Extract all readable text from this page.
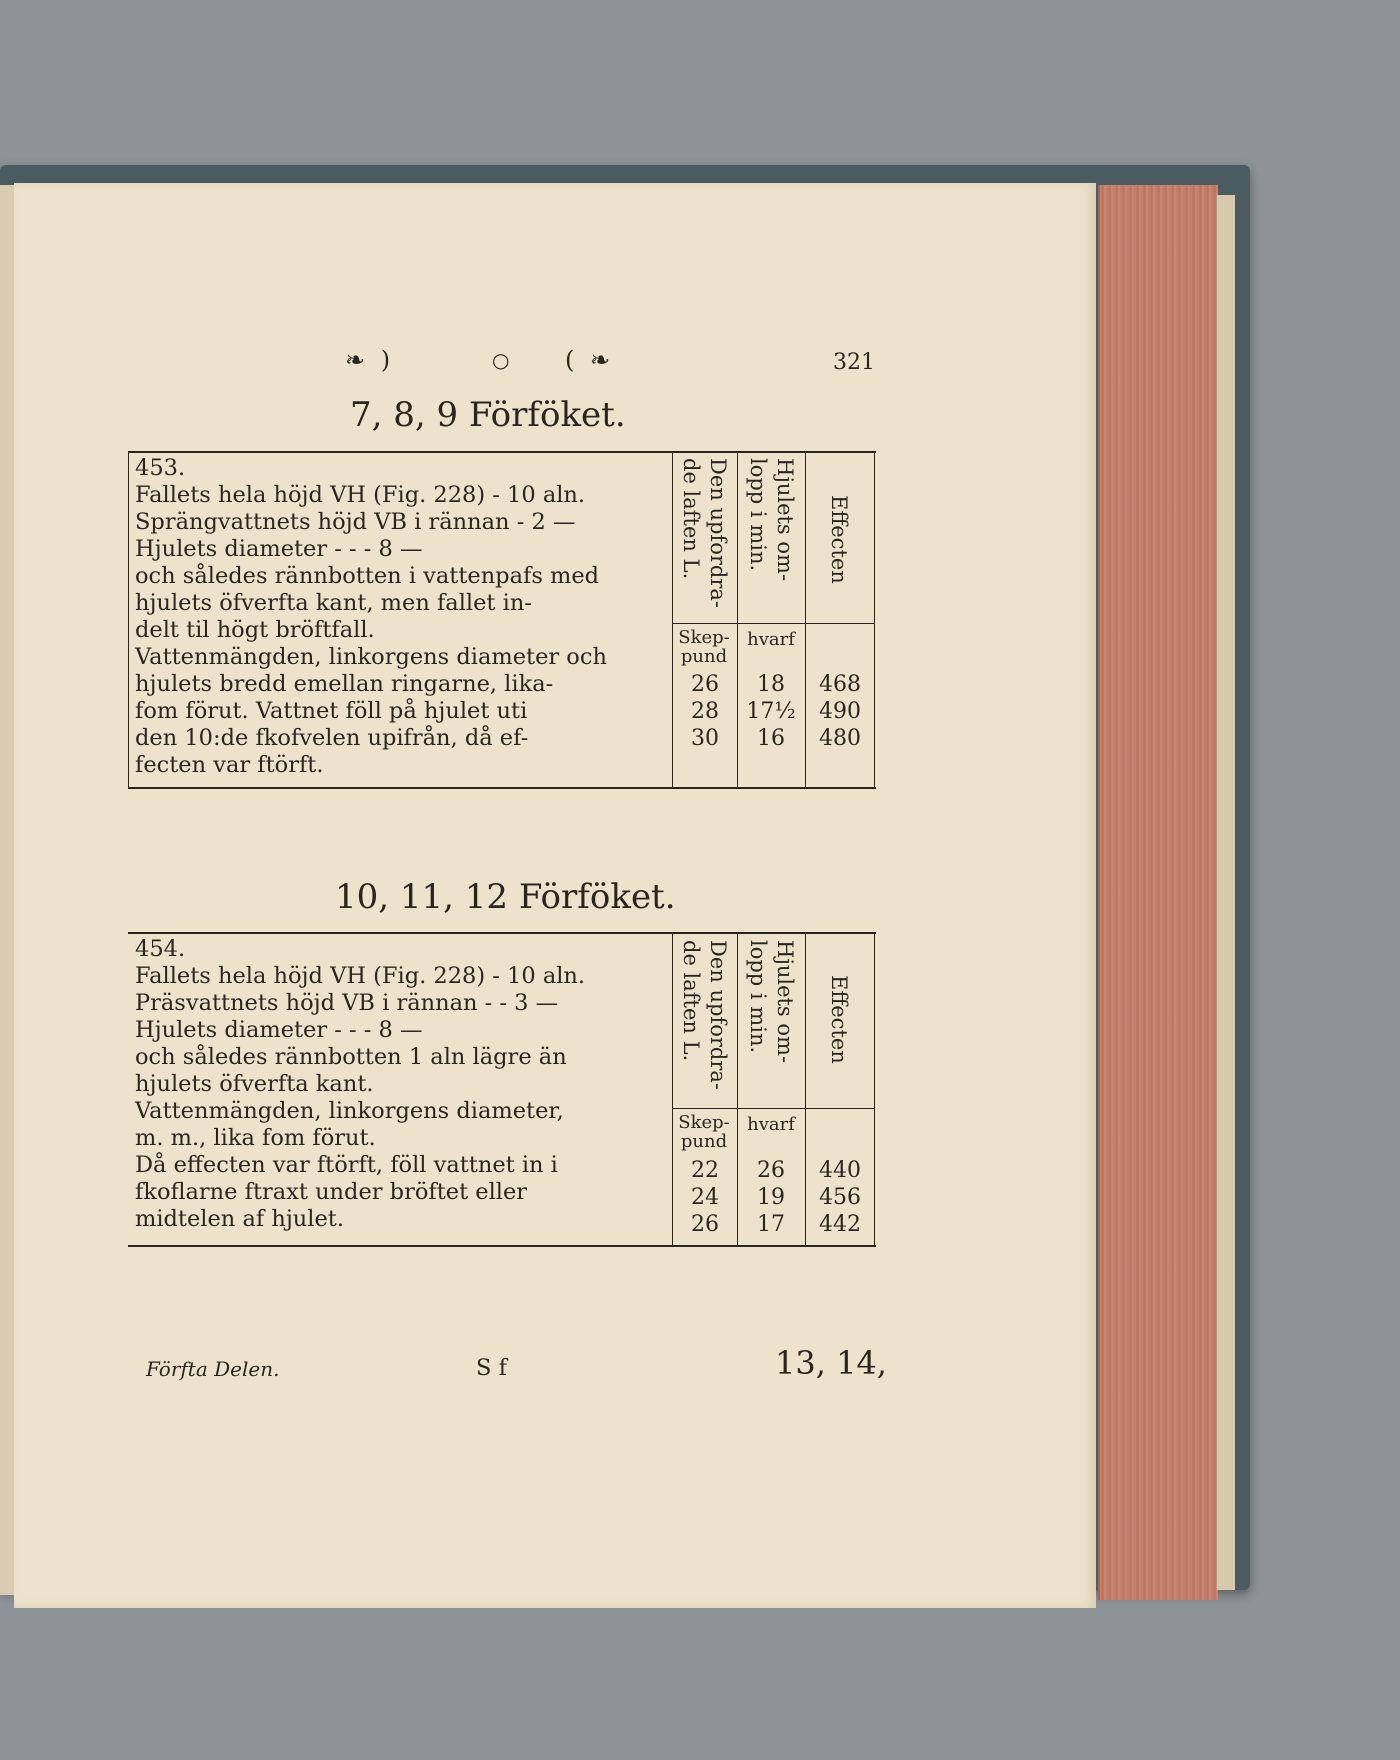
❧ )	○ ( ❧	321
7, 8, 9 Förföket.
453.
Fallets hela höjd VH (Fig. 228) - 10 aln.
Sprängvattnets höjd VB i rännan - 2 —
Hjulets diameter - - - 8 —
och således rännbotten i vattenpafs med
hjulets öfverfta kant, men fallet in-
delt til högt bröftfall.
Vattenmängden, linkorgens diameter och
hjulets bredd emellan ringarne, lika-
fom förut. Vattnet föll på hjulet uti
den 10:de fkofvelen upifrån, då ef-
fecten var ftörft.
Den upfordra-
de laften L.
Hjulets om-
lopp i min.	Effecten
Skep-
pund
hvarf
26	18	468
28	17½	490
30	16	480
10, 11, 12 Förföket.
454.
Fallets hela höjd VH (Fig. 228) - 10 aln.
Präsvattnets höjd VB i rännan - - 3 —
Hjulets diameter - - - 8 —
och således rännbotten 1 aln lägre än
hjulets öfverfta kant.
Vattenmängden, linkorgens diameter,
m. m., lika fom förut.
Då effecten var ftörft, föll vattnet in i
fkoflarne ftraxt under bröftet eller
midtelen af hjulet.
Den upfordra-
de laften L.
Hjulets om-
lopp i min.	Effecten
Skep-
pund
hvarf
22	26	440
24	19	456
26	17	442
Förfta Delen.	S f	13, 14,
